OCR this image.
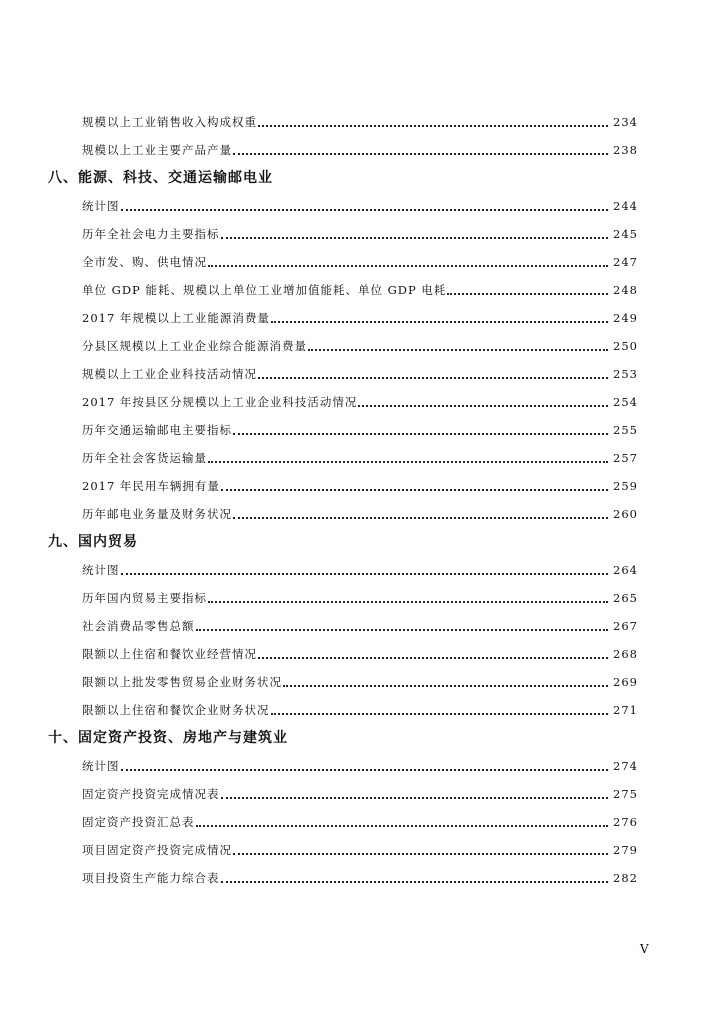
规模以上工业销售收入构成权重	234
规模以上工业主要产品产量	238
八、能源、科技、交通运输邮电业
统计图	244
历年全社会电力主要指标	245
全市发、购、供电情况	247
单位 GDP 能耗、规模以上单位工业增加值能耗、单位 GDP 电耗	248
2017 年规模以上工业能源消费量	249
分县区规模以上工业企业综合能源消费量	250
规模以上工业企业科技活动情况	253
2017 年按县区分规模以上工业企业科技活动情况	254
历年交通运输邮电主要指标	255
历年全社会客货运输量	257
2017 年民用车辆拥有量	259
历年邮电业务量及财务状况	260
九、国内贸易
统计图	264
历年国内贸易主要指标	265
社会消费品零售总额	267
限额以上住宿和餐饮业经营情况	268
限额以上批发零售贸易企业财务状况	269
限额以上住宿和餐饮企业财务状况	271
十、固定资产投资、房地产与建筑业
统计图	274
固定资产投资完成情况表	275
固定资产投资汇总表	276
项目固定资产投资完成情况	279
项目投资生产能力综合表	282
V
